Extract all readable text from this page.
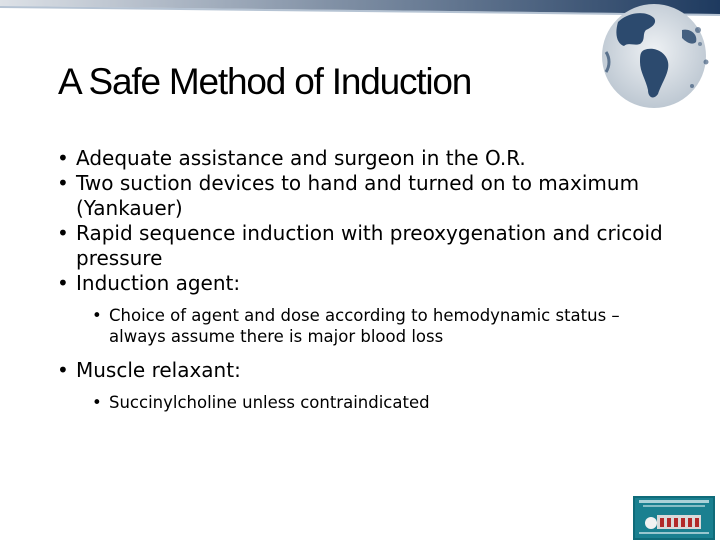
A Safe Method of Induction
• Adequate assistance and surgeon in the O.R.
• Two suction devices to hand and turned on to maximum (Yankauer)
• Rapid sequence induction with preoxygenation and cricoid pressure
• Induction agent:
• Choice of agent and dose according to hemodynamic status – always assume there is major blood loss
• Muscle relaxant:
• Succinylcholine unless contraindicated
